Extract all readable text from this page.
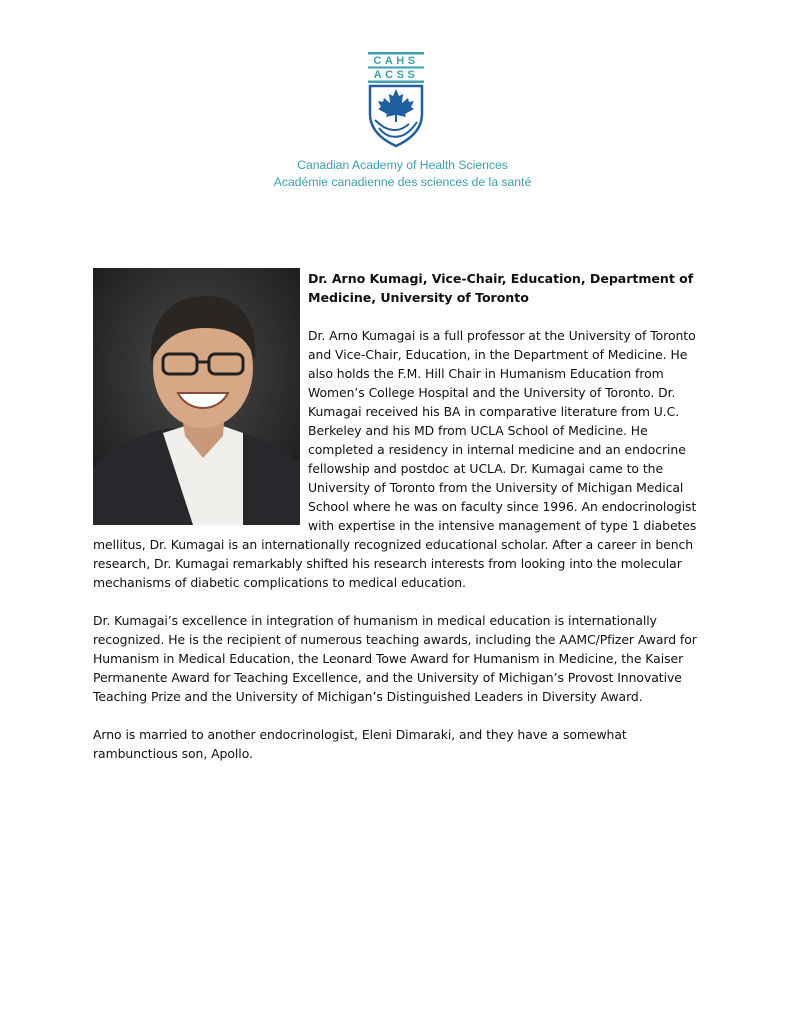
CAHS
ACSS
Canadian Academy of Health Sciences
Académie canadienne des sciences de la santé
Dr. Arno Kumagi, Vice-Chair, Education, Department of Medicine, University of Toronto

Dr. Arno Kumagai is a full professor at the University of Toronto and Vice-Chair, Education, in the Department of Medicine. He also holds the F.M. Hill Chair in Humanism Education from Women’s College Hospital and the University of Toronto. Dr. Kumagai received his BA in comparative literature from U.C. Berkeley and his MD from UCLA School of Medicine. He completed a residency in internal medicine and an endocrine fellowship and postdoc at UCLA. Dr. Kumagai came to the University of Toronto from the University of Michigan Medical School where he was on faculty since 1996. An endocrinologist with expertise in the intensive management of type 1 diabetes mellitus, Dr. Kumagai is an internationally recognized educational scholar. After a career in bench research, Dr. Kumagai remarkably shifted his research interests from looking into the molecular mechanisms of diabetic complications to medical education.

Dr. Kumagai’s excellence in integration of humanism in medical education is internationally recognized. He is the recipient of numerous teaching awards, including the AAMC/Pfizer Award for Humanism in Medical Education, the Leonard Towe Award for Humanism in Medicine, the Kaiser Permanente Award for Teaching Excellence, and the University of Michigan’s Provost Innovative Teaching Prize and the University of Michigan’s Distinguished Leaders in Diversity Award.

Arno is married to another endocrinologist, Eleni Dimaraki, and they have a somewhat rambunctious son, Apollo.
